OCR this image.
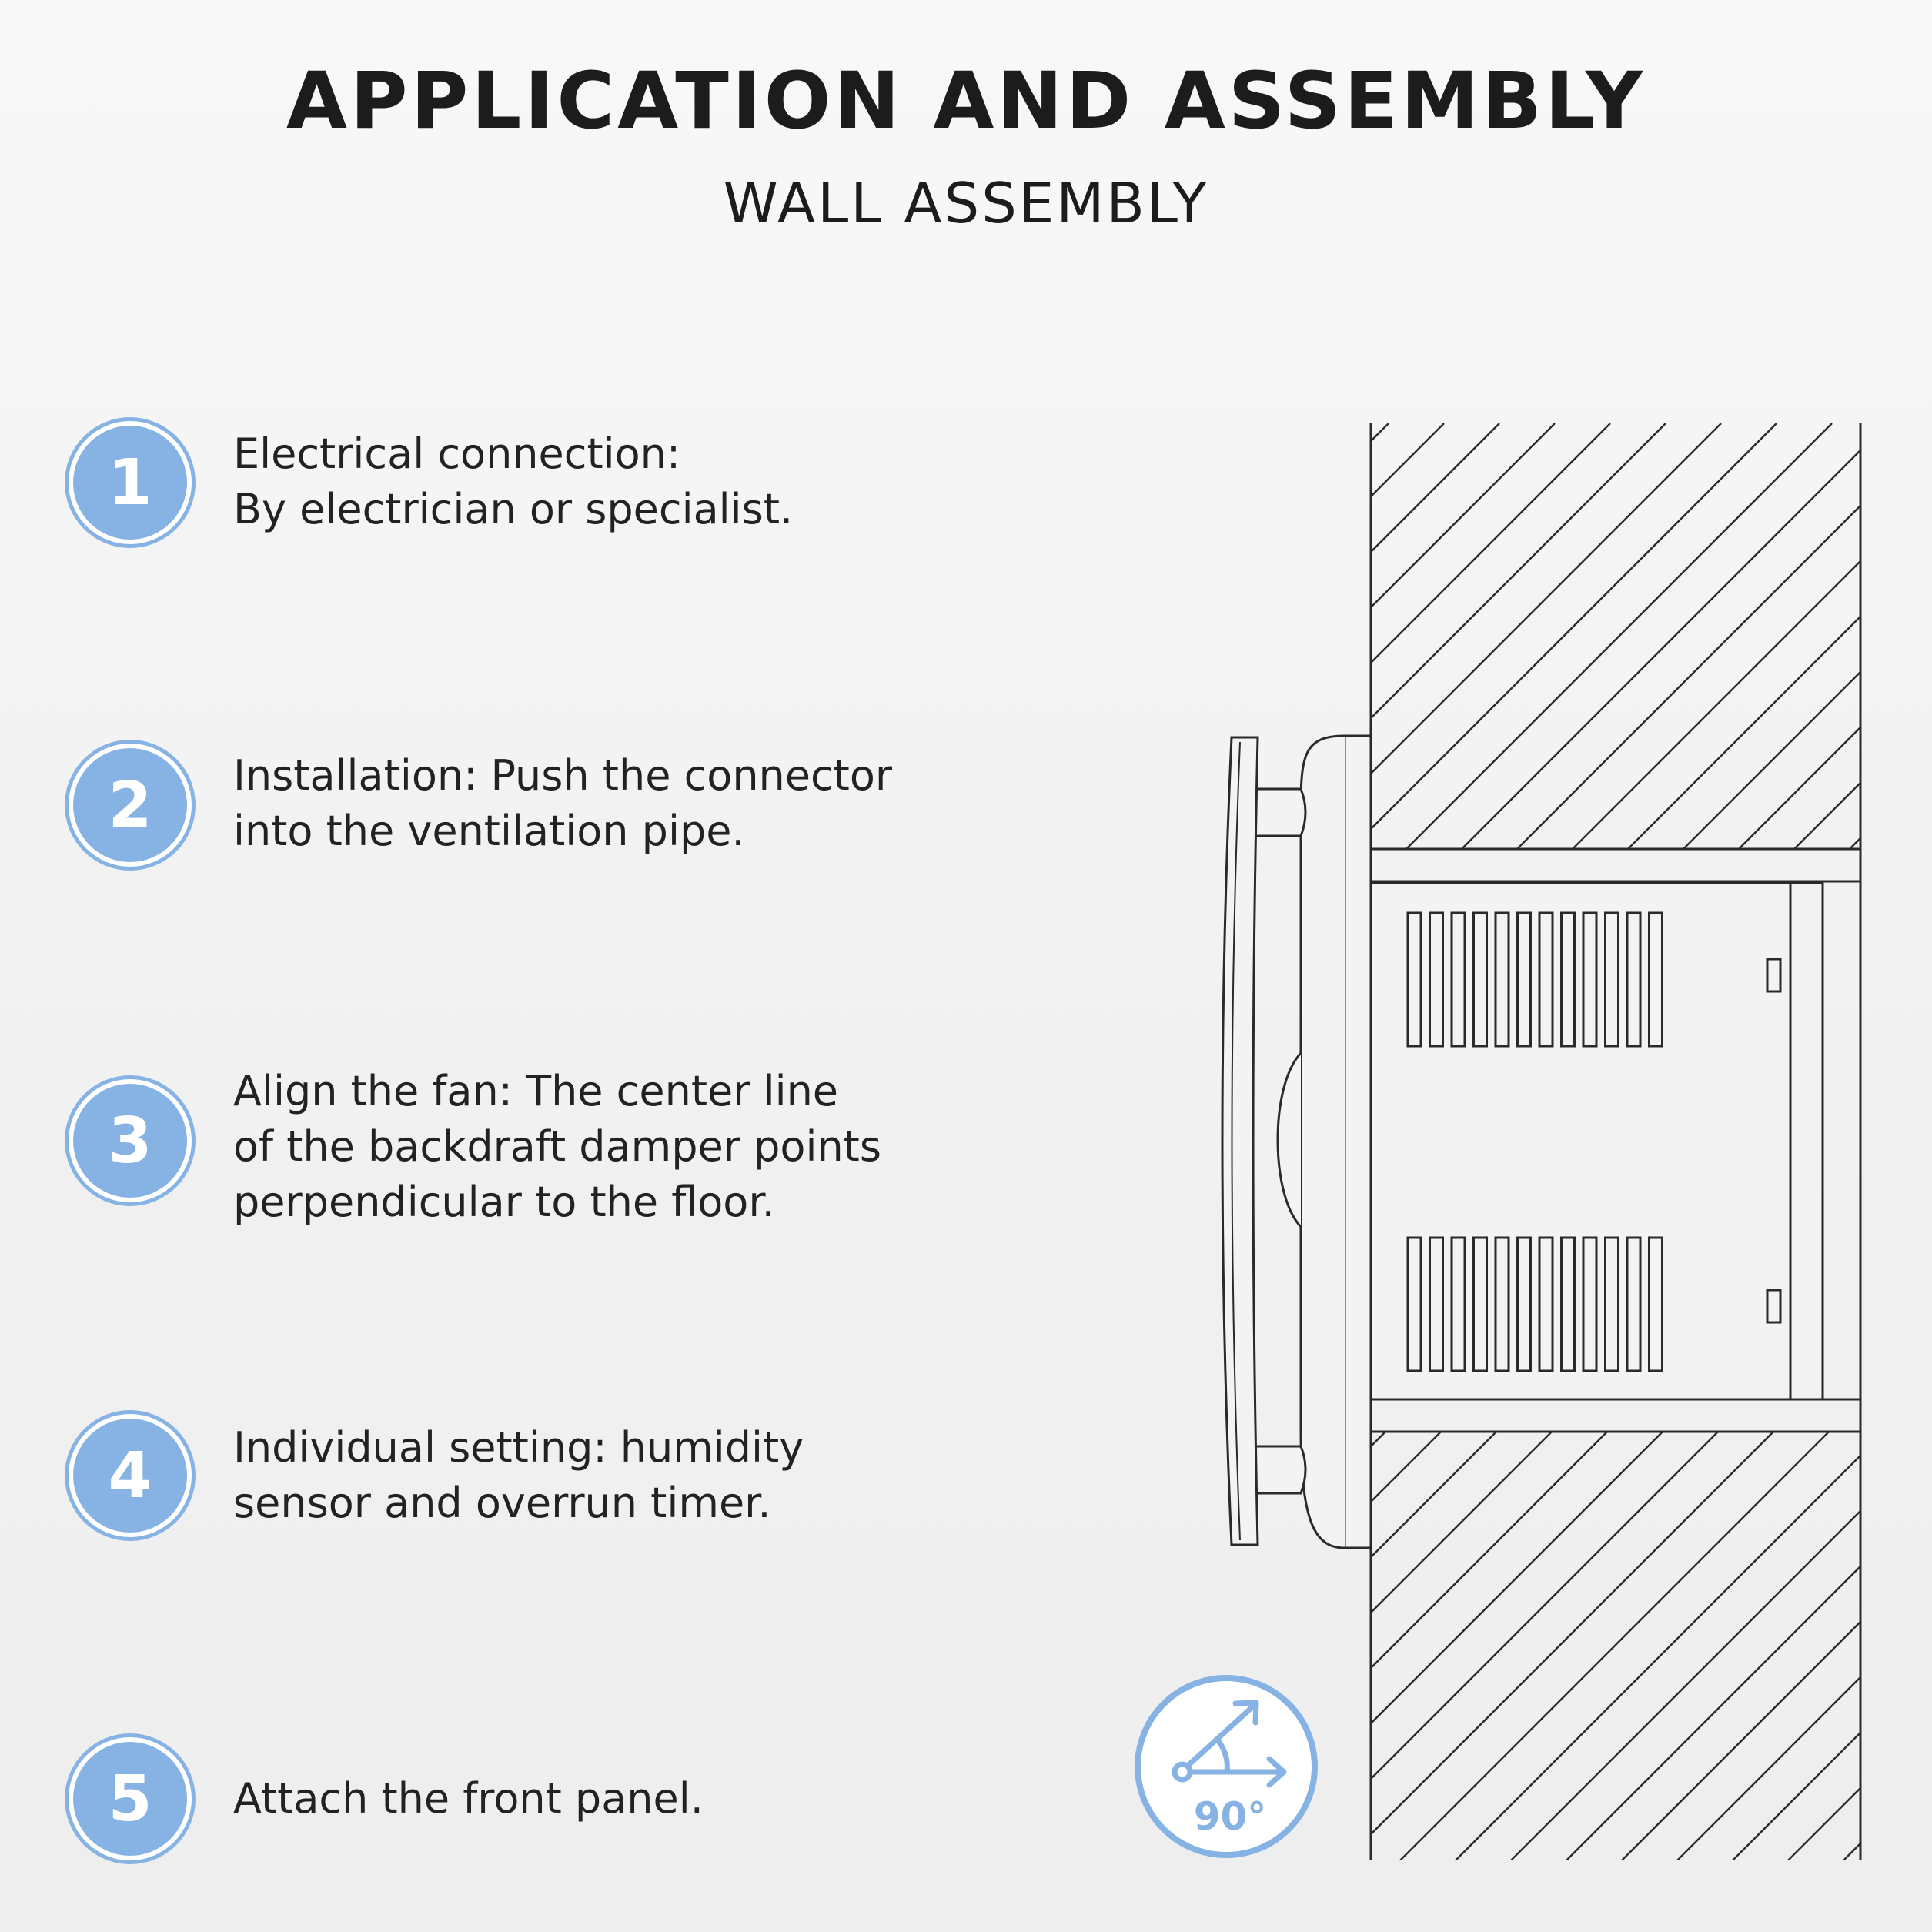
APPLICATION AND ASSEMBLY
WALL ASSEMBLY
1	Electrical connection:
By electrician or specialist.
2	Installation: Push the connector
into the ventilation pipe.
3
Align the fan: The center line
of the backdraft damper points
perpendicular to the floor.
4	Individual setting: humidity
sensor and overrun timer.
5	Attach the front panel.	90°
